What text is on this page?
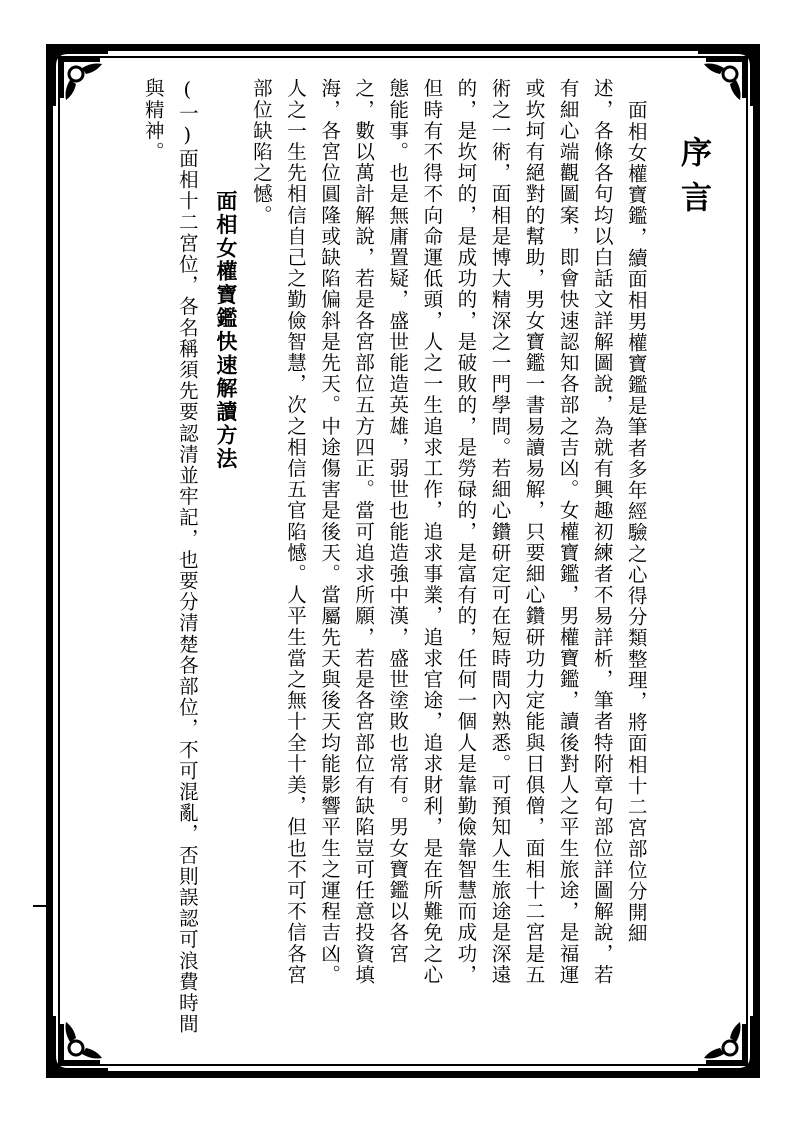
序言
面相女權寶鑑，續面相男權寶鑑是筆者多年經驗之心得分類整理，將面相十二宮部位分開細
述，各條各句均以白話文詳解圖說，為就有興趣初練者不易詳析，筆者特附章句部位詳圖解說，若
有細心端觀圖案，即會快速認知各部之吉凶。女權寶鑑，男權寶鑑，讀後對人之平生旅途，是福運
或坎坷有絕對的幫助，男女寶鑑一書易讀易解，只要細心鑽研功力定能與日俱僧，面相十二宮是五
術之一術，面相是博大精深之一門學問。若細心鑽研定可在短時間內熟悉。可預知人生旅途是深遠
的，是坎坷的，是成功的，是破敗的，是勞碌的，是富有的，任何一個人是靠勤儉靠智慧而成功，
但時有不得不向命運低頭，人之一生追求工作，追求事業，追求官途，追求財利，是在所難免之心
態能事。也是無庸置疑，盛世能造英雄，弱世也能造強中漢，盛世塗敗也常有。男女寶鑑以各宮
之，數以萬計解說，若是各宮部位五方四正。當可追求所願，若是各宮部位有缺陷豈可任意投資填
海，各宮位圓隆或缺陷偏斜是先天。中途傷害是後天。當屬先天與後天均能影響平生之運程吉凶。
人之一生先相信自己之勤儉智慧，次之相信五官陷憾。人平生當之無十全十美，但也不可不信各宮
部位缺陷之憾。
面相女權寶鑑快速解讀方法
(一)面相十二宮位，各名稱須先要認清並牢記，也要分清楚各部位，不可混亂，否則誤認可浪費時間
與精神。
